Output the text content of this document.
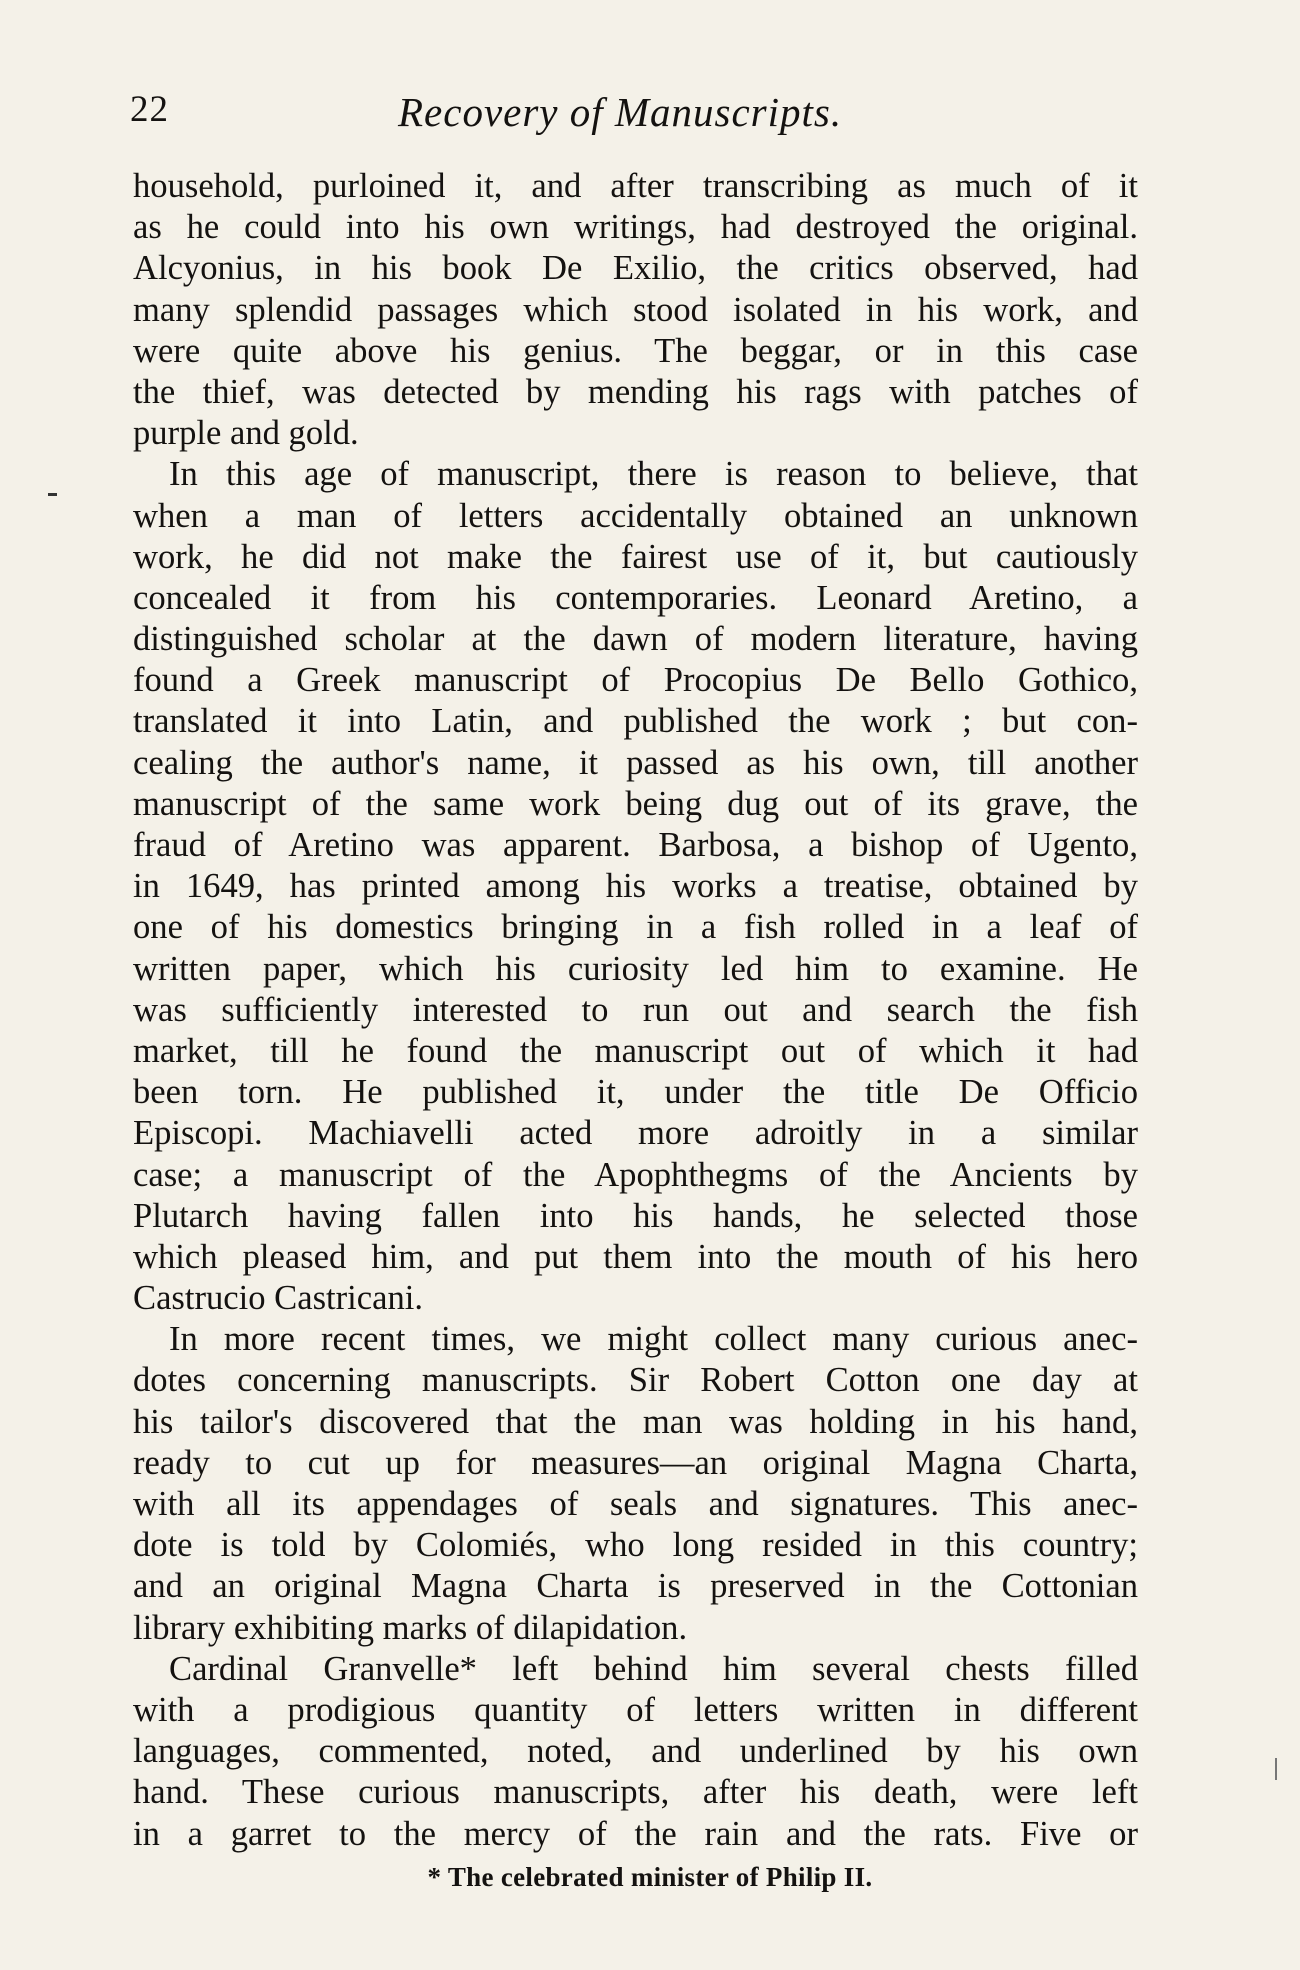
22	Recovery of Manuscripts.
household, purloined it, and after transcribing as much of it
as he could into his own writings, had destroyed the original.
Alcyonius, in his book De Exilio, the critics observed, had
many splendid passages which stood isolated in his work, and
were quite above his genius. The beggar, or in this case
the thief, was detected by mending his rags with patches of
purple and gold.
In this age of manuscript, there is reason to believe, that
when a man of letters accidentally obtained an unknown
work, he did not make the fairest use of it, but cautiously
concealed it from his contemporaries. Leonard Aretino, a
distinguished scholar at the dawn of modern literature, having
found a Greek manuscript of Procopius De Bello Gothico,
translated it into Latin, and published the work ; but con-
cealing the author's name, it passed as his own, till another
manuscript of the same work being dug out of its grave, the
fraud of Aretino was apparent. Barbosa, a bishop of Ugento,
in 1649, has printed among his works a treatise, obtained by
one of his domestics bringing in a fish rolled in a leaf of
written paper, which his curiosity led him to examine. He
was sufficiently interested to run out and search the fish
market, till he found the manuscript out of which it had
been torn. He published it, under the title De Officio
Episcopi. Machiavelli acted more adroitly in a similar
case; a manuscript of the Apophthegms of the Ancients by
Plutarch having fallen into his hands, he selected those
which pleased him, and put them into the mouth of his hero
Castrucio Castricani.
In more recent times, we might collect many curious anec-
dotes concerning manuscripts. Sir Robert Cotton one day at
his tailor's discovered that the man was holding in his hand,
ready to cut up for measures—an original Magna Charta,
with all its appendages of seals and signatures. This anec-
dote is told by Colomiés, who long resided in this country;
and an original Magna Charta is preserved in the Cottonian
library exhibiting marks of dilapidation.
Cardinal Granvelle* left behind him several chests filled
with a prodigious quantity of letters written in different
languages, commented, noted, and underlined by his own
hand. These curious manuscripts, after his death, were left
in a garret to the mercy of the rain and the rats. Five or
* The celebrated minister of Philip II.
